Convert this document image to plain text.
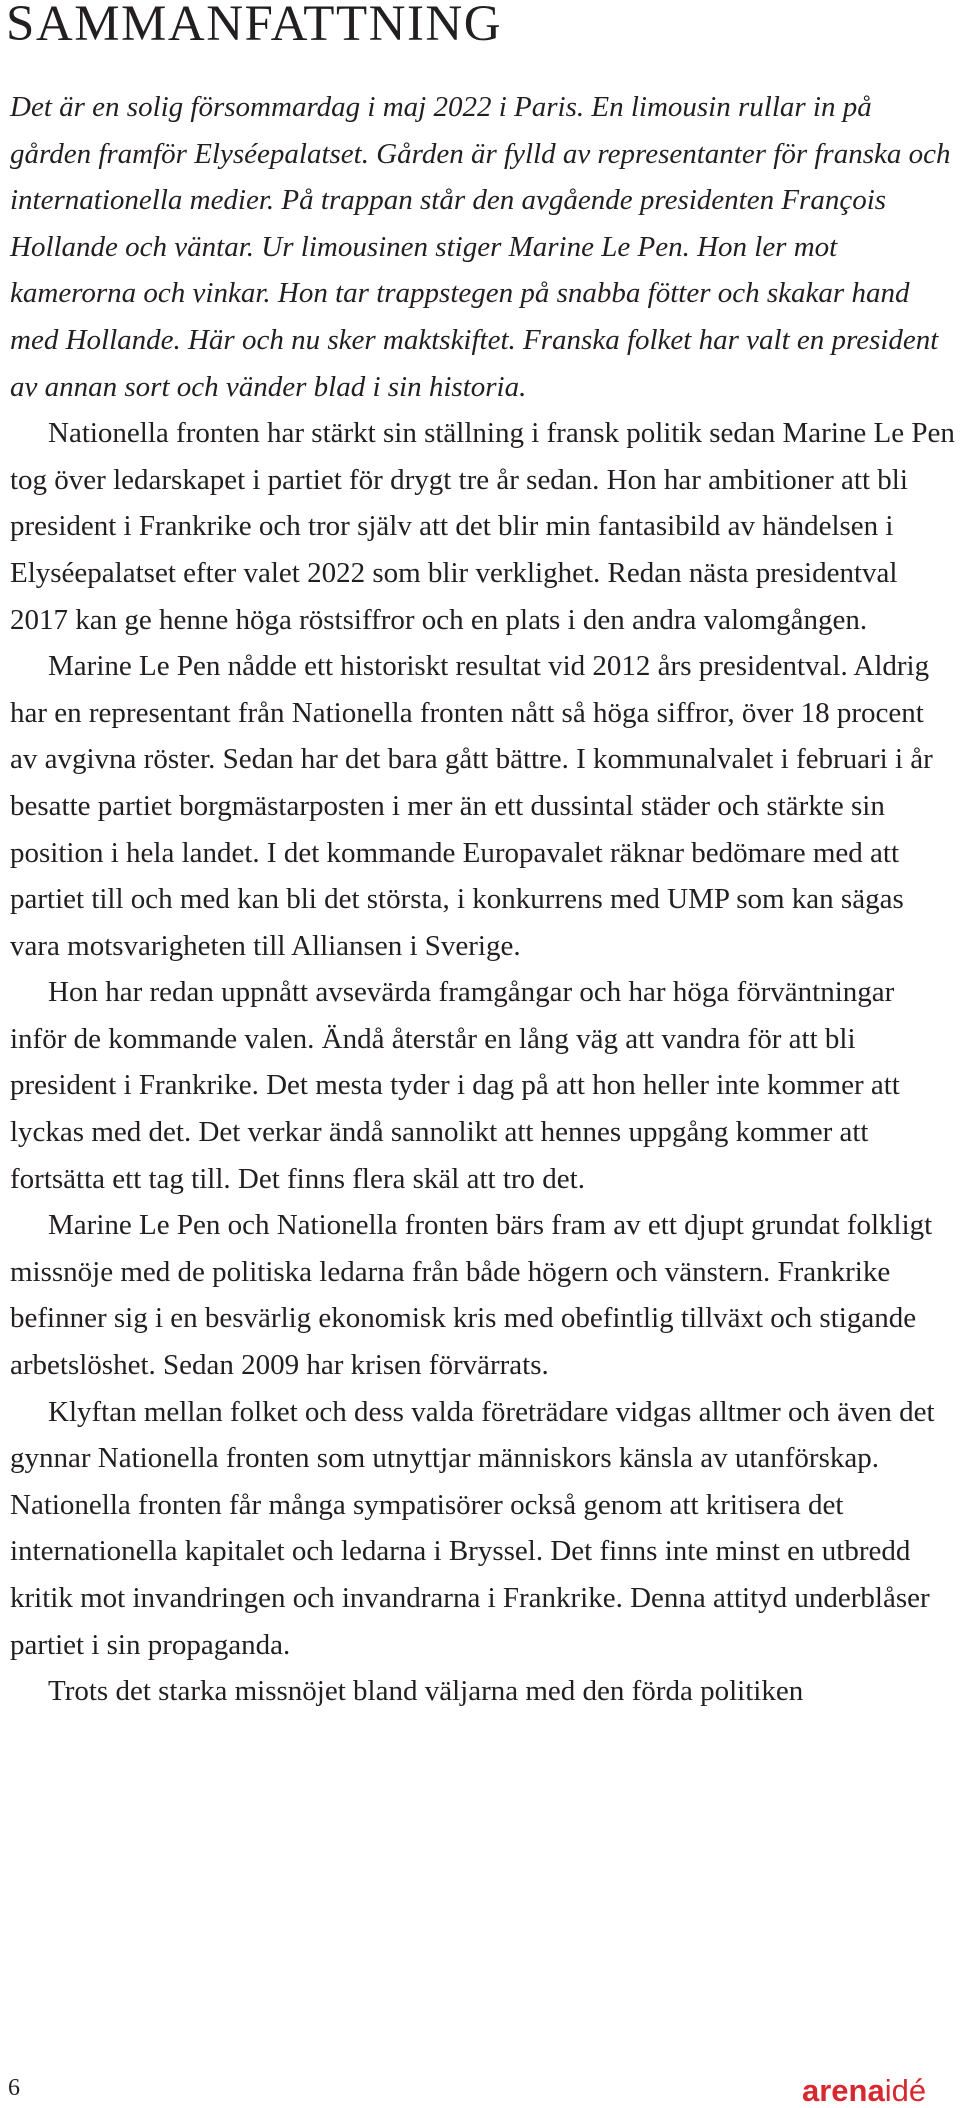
SAMMANFATTNING

Det är en solig försommardag i maj 2022 i Paris. En limousin rullar in på gården framför Elyséepalatset. Gården är fylld av representanter för franska och internationella medier. På trappan står den avgående presidenten François Hollande och väntar. Ur limousinen stiger Marine Le Pen. Hon ler mot kamerorna och vinkar. Hon tar trappstegen på snabba fötter och skakar hand med Hollande. Här och nu sker maktskiftet. Franska folket har valt en president av annan sort och vänder blad i sin historia.

Nationella fronten har stärkt sin ställning i fransk politik sedan Marine Le Pen tog över ledarskapet i partiet för drygt tre år sedan. Hon har ambitioner att bli president i Frankrike och tror själv att det blir min fantasibild av händelsen i Elyséepalatset efter valet 2022 som blir verklighet. Redan nästa presidentval 2017 kan ge henne höga röstsiffror och en plats i den andra valomgången.

Marine Le Pen nådde ett historiskt resultat vid 2012 års presidentval. Aldrig har en representant från Nationella fronten nått så höga siffror, över 18 procent av avgivna röster. Sedan har det bara gått bättre. I kommunalvalet i februari i år besatte partiet borgmästarposten i mer än ett dussintal städer och stärkte sin position i hela landet. I det kommande Europavalet räknar bedömare med att partiet till och med kan bli det största, i konkurrens med UMP som kan sägas vara motsvarigheten till Alliansen i Sverige.

Hon har redan uppnått avsevärda framgångar och har höga förväntningar inför de kommande valen. Ändå återstår en lång väg att vandra för att bli president i Frankrike. Det mesta tyder i dag på att hon heller inte kommer att lyckas med det. Det verkar ändå sannolikt att hennes uppgång kommer att fortsätta ett tag till. Det finns flera skäl att tro det.

Marine Le Pen och Nationella fronten bärs fram av ett djupt grundat folkligt missnöje med de politiska ledarna från både högern och vänstern. Frankrike befinner sig i en besvärlig ekonomisk kris med obefintlig tillväxt och stigande arbetslöshet. Sedan 2009 har krisen förvärrats.

Klyftan mellan folket och dess valda företrädare vidgas alltmer och även det gynnar Nationella fronten som utnyttjar människors känsla av utanförskap. Nationella fronten får många sympatisörer också genom att kritisera det internationella kapitalet och ledarna i Bryssel. Det finns inte minst en utbredd kritik mot invandringen och invandrarna i Frankrike. Denna attityd underblåser partiet i sin propaganda.

Trots det starka missnöjet bland väljarna med den förda politiken

6	arenaidé
